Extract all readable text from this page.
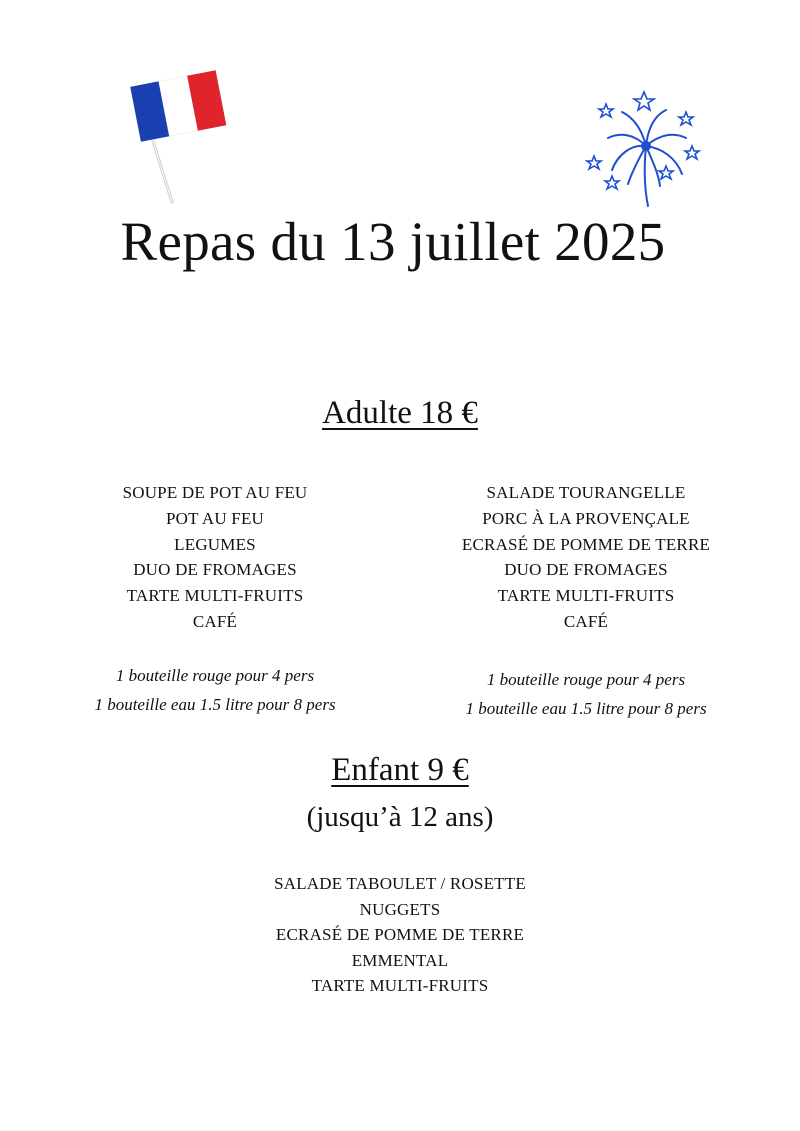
Repas du 13 juillet 2025
Adulte 18 €
SOUPE DE POT AU FEU
POT AU FEU
LEGUMES
DUO DE FROMAGES
TARTE MULTI-FRUITS
CAFÉ
SALADE TOURANGELLE
PORC À LA PROVENÇALE
ECRASÉ DE POMME DE TERRE
DUO DE FROMAGES
TARTE MULTI-FRUITS
CAFÉ
1 bouteille rouge pour 4 pers
1 bouteille eau 1.5 litre pour 8 pers
1 bouteille rouge pour 4 pers
1 bouteille eau 1.5 litre pour 8 pers
Enfant 9 €
(jusqu’à 12 ans)
SALADE TABOULET / ROSETTE
NUGGETS
ECRASÉ DE POMME DE TERRE
EMMENTAL
TARTE MULTI-FRUITS
